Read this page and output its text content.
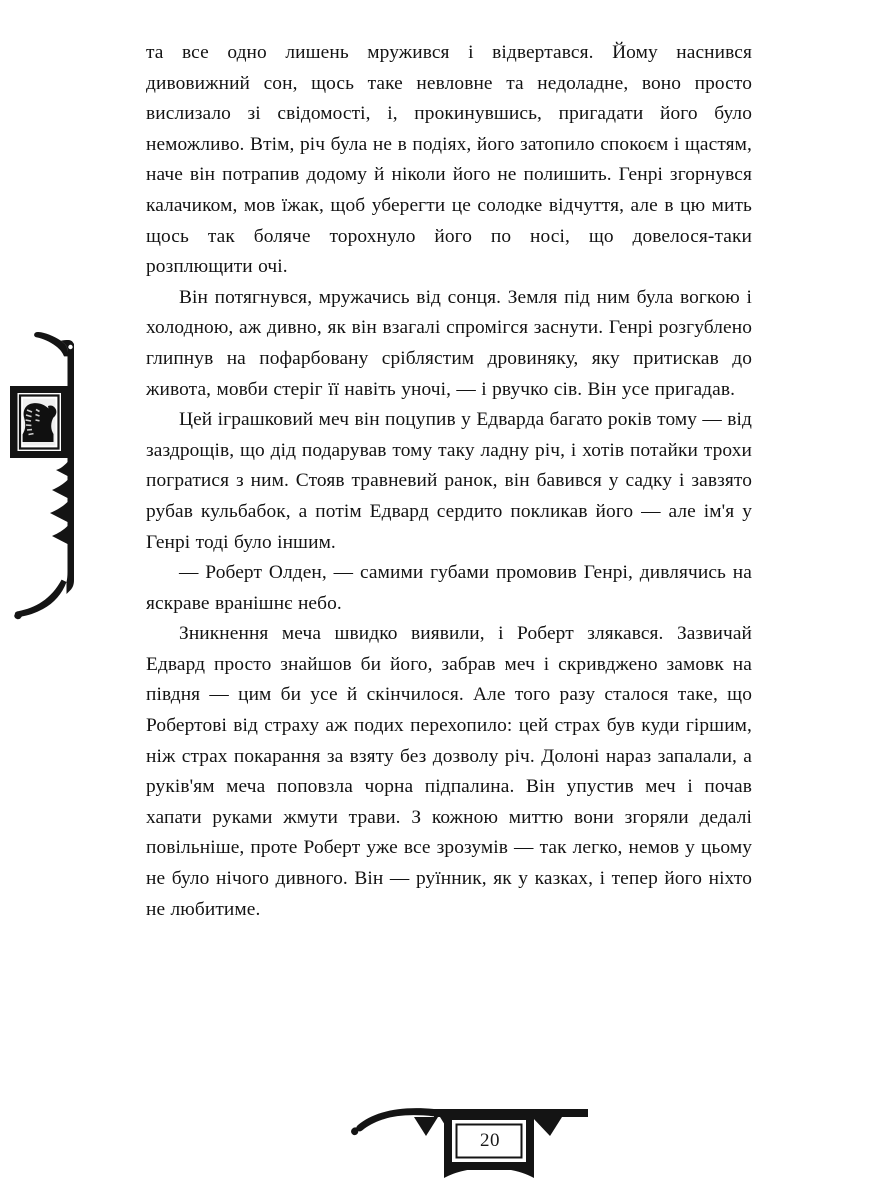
та все одно лишень мружився і відвертався. Йому наснився дивовижний сон, щось таке невловне та недоладне, воно просто вислизало зі свідомості, і, прокинувшись, пригадати його було неможливо. Втім, річ була не в подіях, його затопило спокоєм і щастям, наче він потрапив додому й ніколи його не полишить. Генрі згорнувся калачиком, мов їжак, щоб уберегти це солодке відчуття, але в цю мить щось так боляче торохнуло його по носі, що довелося-таки розплющити очі.

Він потягнувся, мружачись від сонця. Земля під ним була вогкою і холодною, аж дивно, як він взагалі спромігся заснути. Генрі розгублено глипнув на пофарбовану сріблястим дровиняку, яку притискав до живота, мовби стеріг її навіть уночі, — і рвучко сів. Він усе пригадав.

Цей іграшковий меч він поцупив у Едварда багато років тому — від заздрощів, що дід подарував тому таку ладну річ, і хотів потайки трохи погратися з ним. Стояв травневий ранок, він бавився у садку і завзято рубав кульбабок, а потім Едвард сердито покликав його — але ім'я у Генрі тоді було іншим.

— Роберт Олден, — самими губами промовив Генрі, дивлячись на яскраве вранішнє небо.

Зникнення меча швидко виявили, і Роберт злякався. Зазвичай Едвард просто знайшов би його, забрав меч і скривджено замовк на півдня — цим би усе й скінчилося. Але того разу сталося таке, що Робертові від страху аж подих перехопило: цей страх був куди гіршим, ніж страх покарання за взяту без дозволу річ. Долоні нараз запалали, а рукiв'ям меча поповзла чорна підпалина. Він упустив меч і почав хапати руками жмути трави. З кожною миттю вони згоряли дедалі повільніше, проте Роберт уже все зрозумів — так легко, немов у цьому не було нічого дивного. Він — руїнник, як у казках, і тепер його ніхто не любитиме.

20
